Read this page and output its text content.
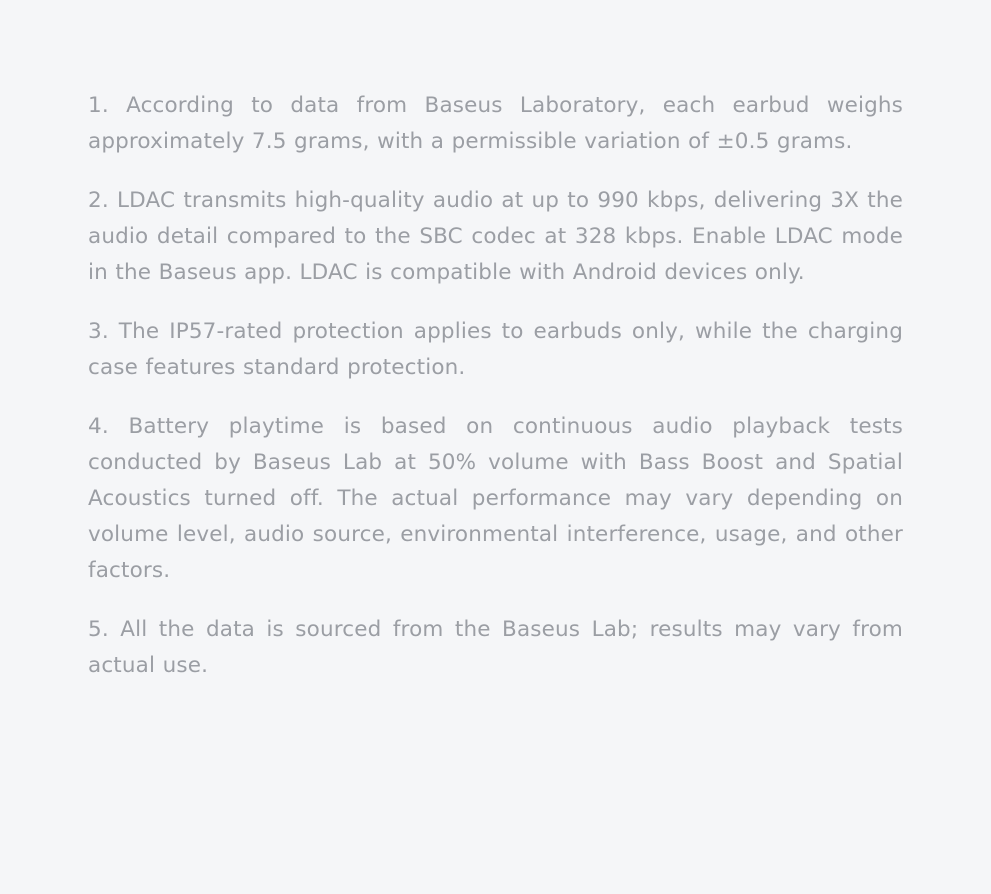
1. According to data from Baseus Laboratory, each earbud weighs approximately 7.5 grams, with a permissible variation of ±0.5 grams.

2. LDAC transmits high-quality audio at up to 990 kbps, delivering 3X the audio detail compared to the SBC codec at 328 kbps. Enable LDAC mode in the Baseus app. LDAC is compatible with Android devices only.

3. The IP57-rated protection applies to earbuds only, while the charging case features standard protection.

4. Battery playtime is based on continuous audio playback tests conducted by Baseus Lab at 50% volume with Bass Boost and Spatial Acoustics turned off. The actual performance may vary depending on volume level, audio source, environmental interference, usage, and other factors.

5. All the data is sourced from the Baseus Lab; results may vary from actual use.
